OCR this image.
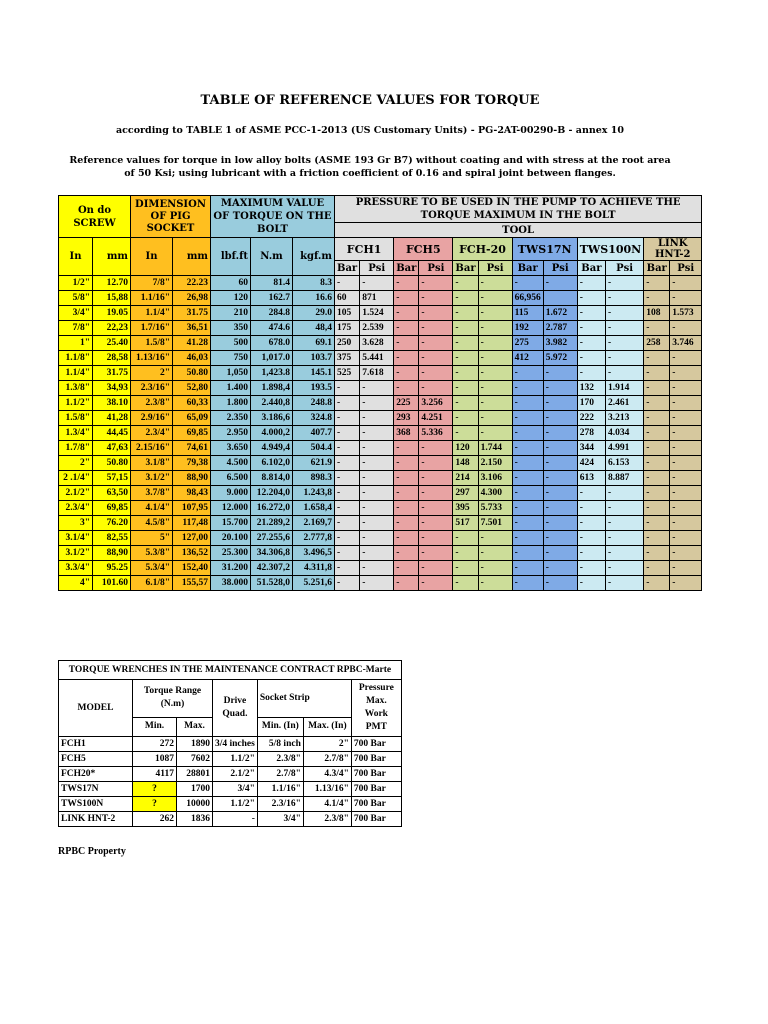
TABLE OF REFERENCE VALUES FOR TORQUE
according to TABLE 1 of ASME PCC-1-2013 (US Customary Units) - PG-2AT-00290-B - annex 10
Reference values for torque in low alloy bolts (ASME 193 Gr B7) without coating and with stress at the root area
of 50 Ksi; using lubricant with a friction coefficient of 0.16 and spiral joint between flanges.
On do SCREW		DIMENSION OF PIG SOCKET		MAXIMUM VALUE OF TORQUE ON THE BOLT			PRESSURE TO BE USED IN THE PUMP TO ACHIEVE THE TORQUE MAXIMUM IN THE BOLT											
							TOOL											
In	mm	In	mm	lbf.ft	N.m	kgf.m	FCH1		FCH5		FCH-20		TWS17N		TWS100N		LINK HNT-2	
							Bar	Psi	Bar	Psi	Bar	Psi	Bar	Psi	Bar	Psi	Bar	Psi
1/2"	12.70	7/8"	22.23	60	81.4	8.3	-	-	-	-	-	-	-	-	-	-	-	-
5/8"	15,88	1.1/16"	26,98	120	162.7	16.6	60	871	-	-	-	-	66,956		-	-	-	-
3/4"	19.05	1.1/4"	31.75	210	284.8	29.0	105	1.524	-	-	-	-	115	1.672	-	-	108	1.573
7/8"	22,23	1.7/16"	36,51	350	474.6	48,4	175	2.539	-	-	-	-	192	2.787	-	-	-	-
1"	25.40	1.5/8"	41.28	500	678.0	69.1	250	3.628	-	-	-	-	275	3.982	-	-	258	3.746
1.1/8"	28,58	1.13/16"	46,03	750	1,017.0	103.7	375	5.441	-	-	-	-	412	5.972	-	-	-	-
1.1/4"	31.75	2"	50.80	1,050	1,423.8	145.1	525	7.618	-	-	-	-	-	-	-	-	-	-
1.3/8"	34,93	2.3/16"	52,80	1.400	1.898,4	193.5	-	-	-	-	-	-	-	-	132	1.914	-	-
1.1/2"	38.10	2.3/8"	60,33	1.800	2.440,8	248.8	-	-	225	3.256	-	-	-	-	170	2.461	-	-
1.5/8"	41,28	2.9/16"	65,09	2.350	3.186,6	324.8	-	-	293	4.251	-	-	-	-	222	3.213	-	-
1.3/4"	44,45	2.3/4"	69,85	2.950	4.000,2	407.7	-	-	368	5.336	-	-	-	-	278	4.034	-	-
1.7/8"	47,63	2.15/16"	74,61	3.650	4.949,4	504.4	-	-	-	-	120	1.744	-	-	344	4.991	-	-
2"	50.80	3.1/8"	79,38	4.500	6.102,0	621.9	-	-	-	-	148	2.150	-	-	424	6.153	-	-
2 .1/4"	57,15	3.1/2"	88,90	6.500	8.814,0	898.3	-	-	-	-	214	3.106	-	-	613	8.887	-	-
2.1/2"	63,50	3.7/8"	98,43	9.000	12.204,0	1.243,8	-	-	-	-	297	4.300	-	-	-	-	-	-
2.3/4"	69,85	4.1/4"	107,95	12.000	16.272,0	1.658,4	-	-	-	-	395	5.733	-	-	-	-	-	-
3"	76.20	4.5/8"	117,48	15.700	21.289,2	2.169,7	-	-	-	-	517	7.501	-	-	-	-	-	-
3.1/4"	82,55	5"	127,00	20.100	27.255,6	2.777,8	-	-	-	-	-	-	-	-	-	-	-	-
3.1/2"	88,90	5.3/8"	136,52	25.300	34.306,8	3.496,5	-	-	-	-	-	-	-	-	-	-	-	-
3.3/4"	95.25	5.3/4"	152,40	31.200	42.307,2	4.311,8	-	-	-	-	-	-	-	-	-	-	-	-
4"	101.60	6.1/8"	155,57	38.000	51.528,0	5.251,6	-	-	-	-	-	-	-	-	-	-	-	-
TORQUE WRENCHES IN THE MAINTENANCE CONTRACT RPBC-Marte						
MODEL	Torque Range (N.m)		Drive Quad.	Socket Strip		Pressure Max. Work PMT
	Min.	Max.		Min. (In)	Max. (In)	
FCH1	272	1890	3/4 inches	5/8 inch	2"	700 Bar
FCH5	1087	7602	1.1/2"	2.3/8"	2.7/8"	700 Bar
FCH20*	4117	28801	2.1/2"	2.7/8"	4.3/4"	700 Bar
TWS17N	?	1700	3/4"	1.1/16"	1.13/16"	700 Bar
TWS100N	?	10000	1.1/2"	2.3/16"	4.1/4"	700 Bar
LINK HNT-2	262	1836	-	3/4"	2.3/8"	700 Bar
RPBC Property
